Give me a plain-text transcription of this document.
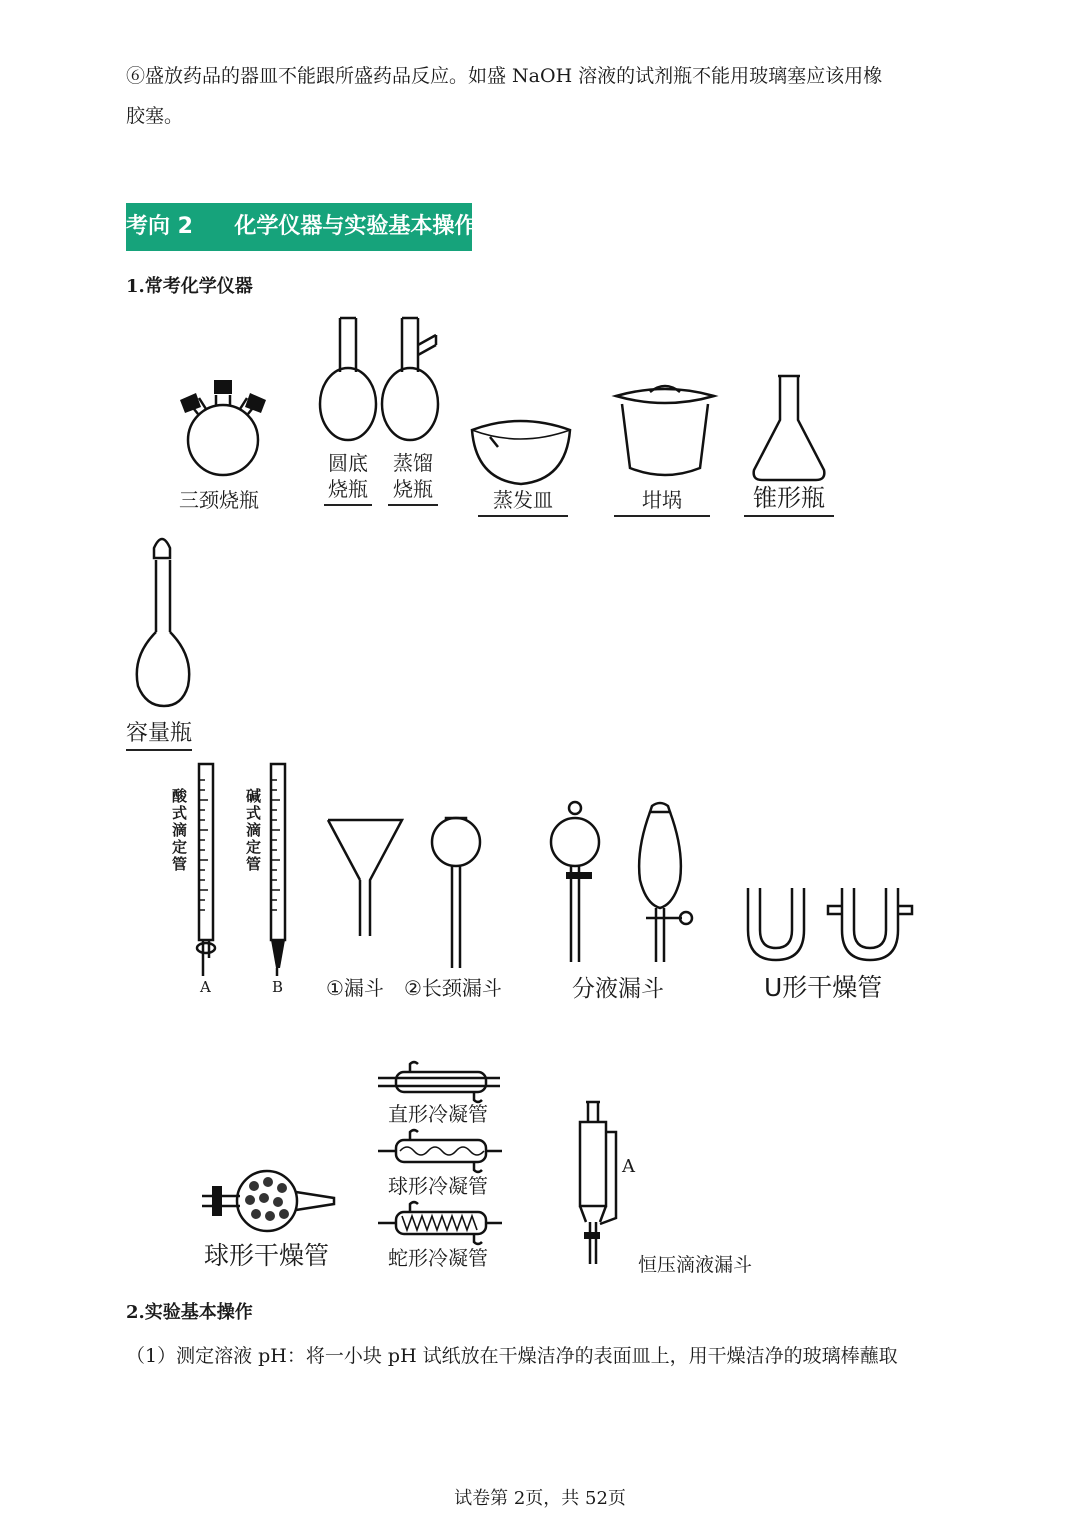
⑥盛放药品的器皿不能跟所盛药品反应。如盛 NaOH 溶液的试剂瓶不能用玻璃塞应该用橡
胶塞。
考向 2 化学仪器与实验基本操作
1.常考化学仪器
三颈烧瓶
圆底
烧瓶
蒸馏
烧瓶	蒸发皿	坩埚	锥形瓶
容量瓶
酸式滴定管
碱式滴定管
A	B ①漏斗 ②长颈漏斗	分液漏斗	U形干燥管
直形冷凝管
球形冷凝管
蛇形冷凝管
球形干燥管
A
恒压滴液漏斗
2.实验基本操作
（1）测定溶液 pH：将一小块 pH 试纸放在干燥洁净的表面皿上，用干燥洁净的玻璃棒蘸取
试卷第 2页，共 52页
